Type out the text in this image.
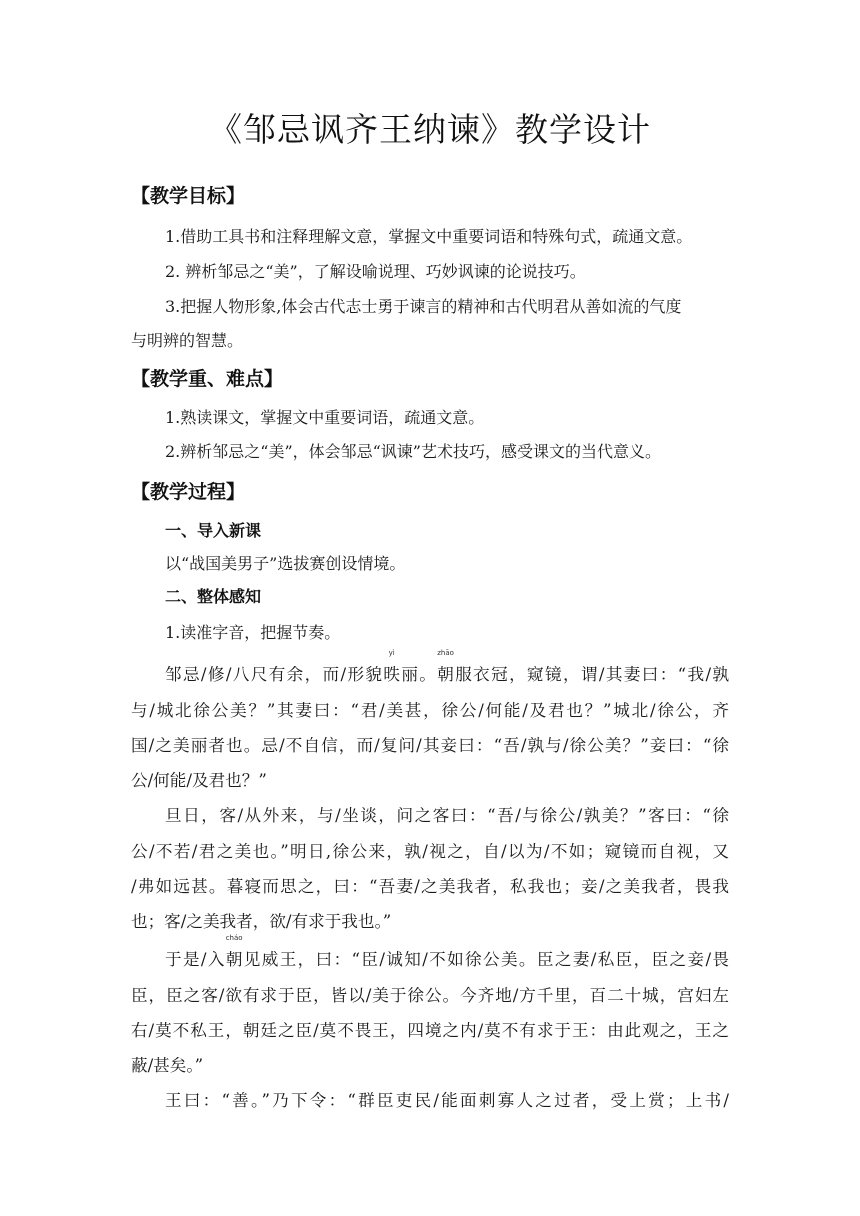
《邹忌讽齐王纳谏》教学设计
【教学目标】
1.借助工具书和注释理解文意，掌握文中重要词语和特殊句式，疏通文意。
2. 辨析邹忌之“美”，了解设喻说理、巧妙讽谏的论说技巧。
3.把握人物形象,体会古代志士勇于谏言的精神和古代明君从善如流的气度
与明辨的智慧。
【教学重、难点】
1.熟读课文，掌握文中重要词语，疏通文意。
2.辨析邹忌之“美”，体会邹忌“讽谏”艺术技巧，感受课文的当代意义。
【教学过程】
一、导入新课
以“战国美男子”选拔赛创设情境。
二、整体感知
1.读准字音，把握节奏。
邹忌/修/八尺有余，而/形貌
yì
昳丽。
zhāo
朝服衣冠，窥镜，谓/其妻曰：“我/孰
与/城北徐公美？”其妻曰：“君/美甚，徐公/何能/及君也？”城北/徐公，齐
国/之美丽者也。忌/不自信，而/复问/其妾曰：“吾/孰与/徐公美？”妾曰：“徐
公/何能/及君也？”
旦日，客/从外来，与/坐谈，问之客曰：“吾/与徐公/孰美？”客曰：“徐
公/不若/君之美也。”明日,徐公来，孰/视之，自/以为/不如；窥镜而自视，又
/弗如远甚。暮寝而思之，曰：“吾妻/之美我者，私我也；妾/之美我者，畏我
也；客/之美我者，欲/有求于我也。”
于是/入
cháo
朝见威王，曰：“臣/诚知/不如徐公美。臣之妻/私臣，臣之妾/畏
臣，臣之客/欲有求于臣，皆以/美于徐公。今齐地/方千里，百二十城，宫妇左
右/莫不私王，朝廷之臣/莫不畏王，四境之内/莫不有求于王：由此观之，王之
蔽/甚矣。”
王曰：“善。”乃下令：“群臣吏民/能面刺寡人之过者，受上赏；上书/
